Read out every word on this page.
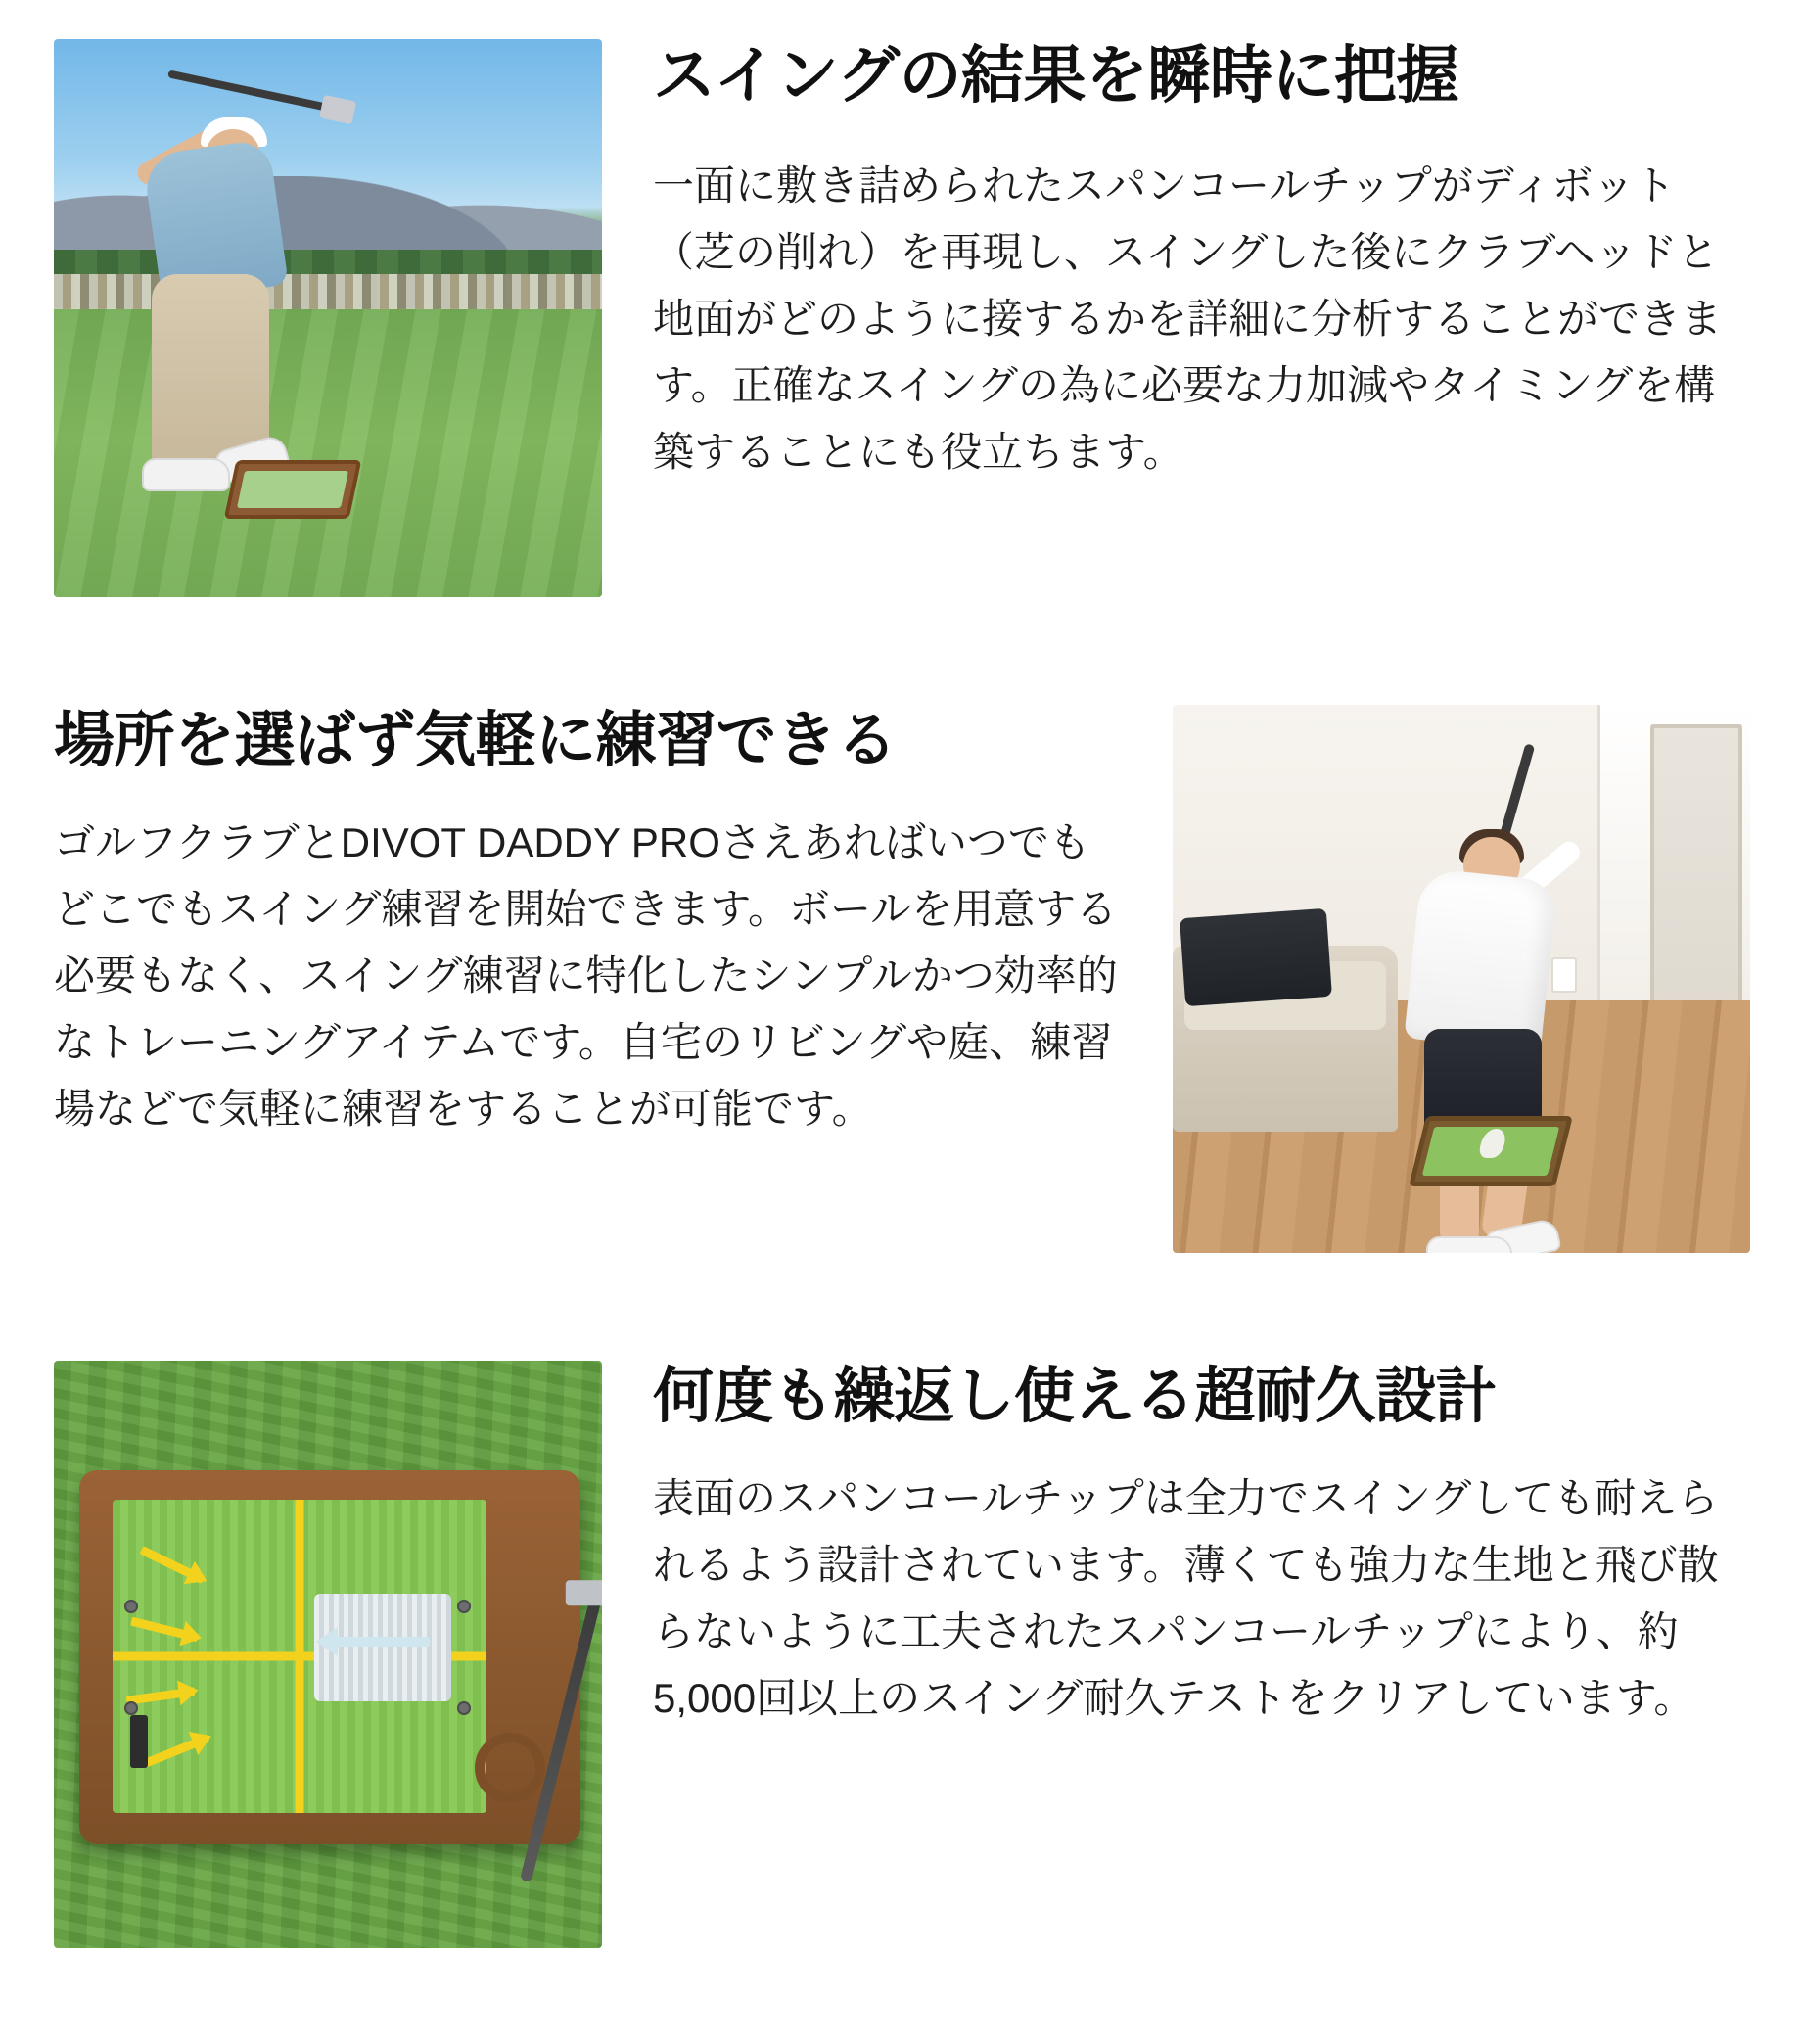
スイングの結果を瞬時に把握

一面に敷き詰められたスパンコールチップがディボット（芝の削れ）を再現し、スイングした後にクラブヘッドと地面がどのように接するかを詳細に分析することができます。正確なスイングの為に必要な力加減やタイミングを構築することにも役立ちます。

場所を選ばず気軽に練習できる

ゴルフクラブとDIVOT DADDY PROさえあればいつでもどこでもスイング練習を開始できます。ボールを用意する必要もなく、スイング練習に特化したシンプルかつ効率的なトレーニングアイテムです。自宅のリビングや庭、練習場などで気軽に練習をすることが可能です。

何度も繰返し使える超耐久設計

表面のスパンコールチップは全力でスイングしても耐えられるよう設計されています。薄くても強力な生地と飛び散らないように工夫されたスパンコールチップにより、約5,000回以上のスイング耐久テストをクリアしています。
